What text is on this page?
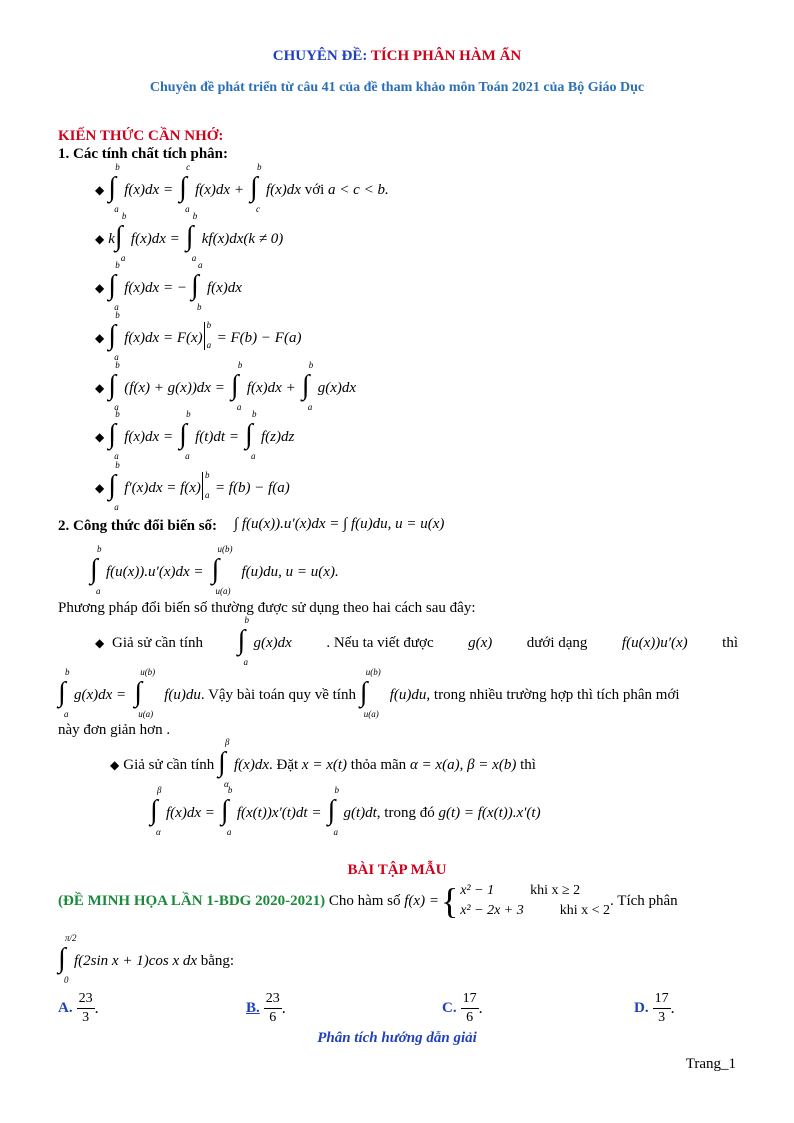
CHUYÊN ĐỀ: TÍCH PHÂN HÀM ẨN
Chuyên đề phát triển từ câu 41 của đề tham khảo môn Toán 2021 của Bộ Giáo Dục
KIẾN THỨC CẦN NHỚ:
1. Các tính chất tích phân:
◆ ∫
b
a
f(x)dx = ∫
c
a
f(x)dx + ∫
b
c
f(x)dx với
a < c < b .
◆ k ∫
b
a
f(x)dx = ∫
b
a
kf(x)dx (k ≠ 0)
◆ ∫
b
a
f(x)dx = − ∫
a
b
f(x)dx
◆ ∫
b
a
f(x)dx = F(x)
b
a = F(b) − F(a)
◆ ∫
b
a
(f(x) + g(x))dx = ∫
b
a
f(x)dx + ∫
b
a
g(x)dx
◆ ∫
b
a
f(x)dx = ∫
b
a
f(t)dt = ∫
b
a
f(z)dz
◆ ∫
b
a
f′(x)dx = f(x)
b
a = f(b) − f(a)
2. Công thức đổi biến số: ∫ f(u(x)).u′(x)dx = ∫ f(u)du, u = u(x)
∫
b
a
f(u(x)).u′(x)dx = ∫
u(b)
u(a)
f(u)du, u = u(x).
Phương pháp đổi biến số thường được sử dụng theo hai cách sau đây:
◆ Giả sử cần tính ∫
b
a
g(x)dx . Nếu ta viết được g(x) dưới dạng f(u(x))u′(x) thì
∫
b
a
g(x)dx = ∫
u(b)
u(a)
f(u)du . Vậy bài toán quy về tính
∫
u(b)
u(a)
f(u)du , trong nhiều trường hợp thì tích phân mới
này đơn giản hơn .
◆ Giả sử cần tính
∫
β
α
f(x)dx . Đặt
x = x(t)
thỏa mãn
α = x(a), β = x(b)
thì
∫
β
α
f(x)dx = ∫
b
a
f(x(t))x′(t)dt = ∫
b
a
g(t)dt , trong đó
g(t) = f(x(t)).x′(t)
BÀI TẬP MẪU
(ĐỀ MINH HỌA LẦN 1-BDG 2020-2021)
Cho hàm số
f(x) = { x² − 1	khi x ≥ 2
x² − 2x + 3	khi x < 2
. Tích phân
∫
π/2
0
f(2sin x + 1)cos x dx
bằng:
A.
$\frac{23}{3}$ .	B.
$\frac{23}{6}$ .	C.
$\frac{17}{6}$ .	D.
$\frac{17}{3}$ .
Phân tích hướng dẫn giải
Trang_1
